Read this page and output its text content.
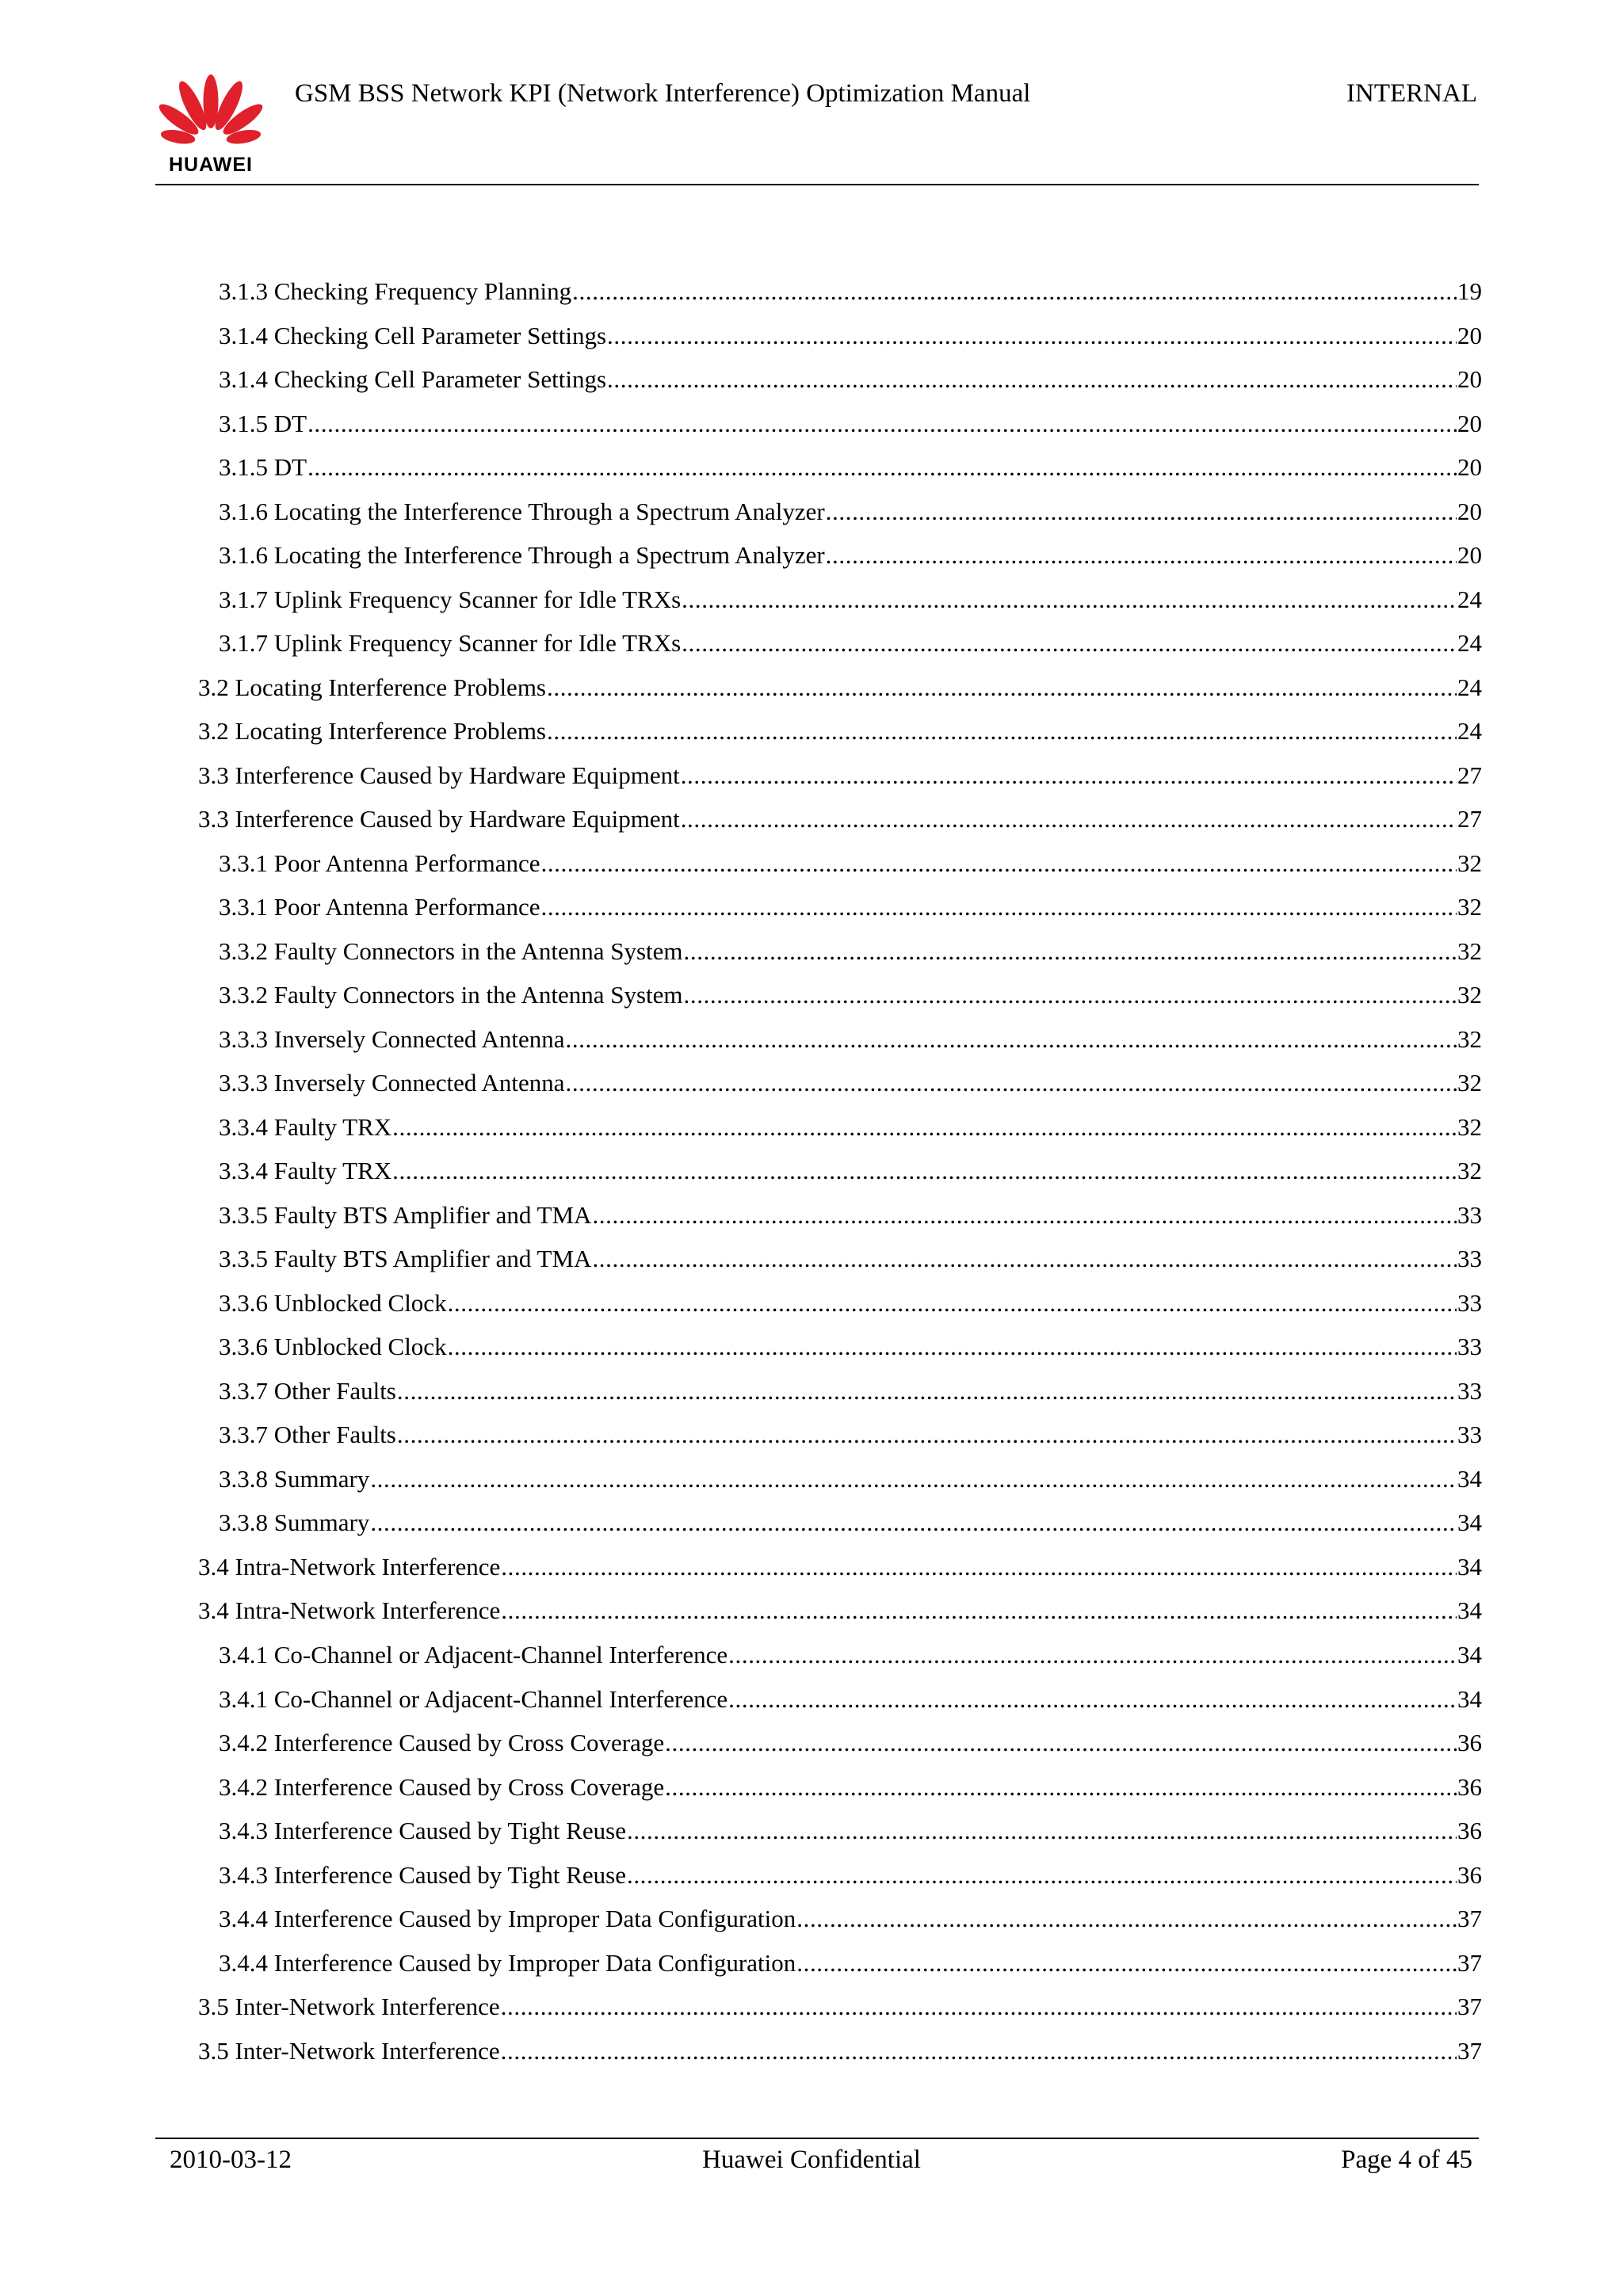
HUAWEI
GSM BSS Network KPI (Network Interference) Optimization Manual	INTERNAL
3.1.3 Checking Frequency Planning .....	19
3.1.4 Checking Cell Parameter Settings .....	20
3.1.4 Checking Cell Parameter Settings .....	20
3.1.5 DT .....	20
3.1.5 DT .....	20
3.1.6 Locating the Interference Through a Spectrum Analyzer .....	20
3.1.6 Locating the Interference Through a Spectrum Analyzer .....	20
3.1.7 Uplink Frequency Scanner for Idle TRXs .....	24
3.1.7 Uplink Frequency Scanner for Idle TRXs .....	24
3.2 Locating Interference Problems .....	24
3.2 Locating Interference Problems .....	24
3.3 Interference Caused by Hardware Equipment .....	27
3.3 Interference Caused by Hardware Equipment .....	27
3.3.1 Poor Antenna Performance .....	32
3.3.1 Poor Antenna Performance .....	32
3.3.2 Faulty Connectors in the Antenna System .....	32
3.3.2 Faulty Connectors in the Antenna System .....	32
3.3.3 Inversely Connected Antenna .....	32
3.3.3 Inversely Connected Antenna .....	32
3.3.4 Faulty TRX .....	32
3.3.4 Faulty TRX .....	32
3.3.5 Faulty BTS Amplifier and TMA .....	33
3.3.5 Faulty BTS Amplifier and TMA .....	33
3.3.6 Unblocked Clock .....	33
3.3.6 Unblocked Clock .....	33
3.3.7 Other Faults .....	33
3.3.7 Other Faults .....	33
3.3.8 Summary .....	34
3.3.8 Summary .....	34
3.4 Intra-Network Interference .....	34
3.4 Intra-Network Interference .....	34
3.4.1 Co-Channel or Adjacent-Channel Interference .....	34
3.4.1 Co-Channel or Adjacent-Channel Interference .....	34
3.4.2 Interference Caused by Cross Coverage .....	36
3.4.2 Interference Caused by Cross Coverage .....	36
3.4.3 Interference Caused by Tight Reuse .....	36
3.4.3 Interference Caused by Tight Reuse .....	36
3.4.4 Interference Caused by Improper Data Configuration .....	37
3.4.4 Interference Caused by Improper Data Configuration .....	37
3.5 Inter-Network Interference .....	37
3.5 Inter-Network Interference .....	37
2010-03-12	Huawei Confidential	Page 4 of 45
